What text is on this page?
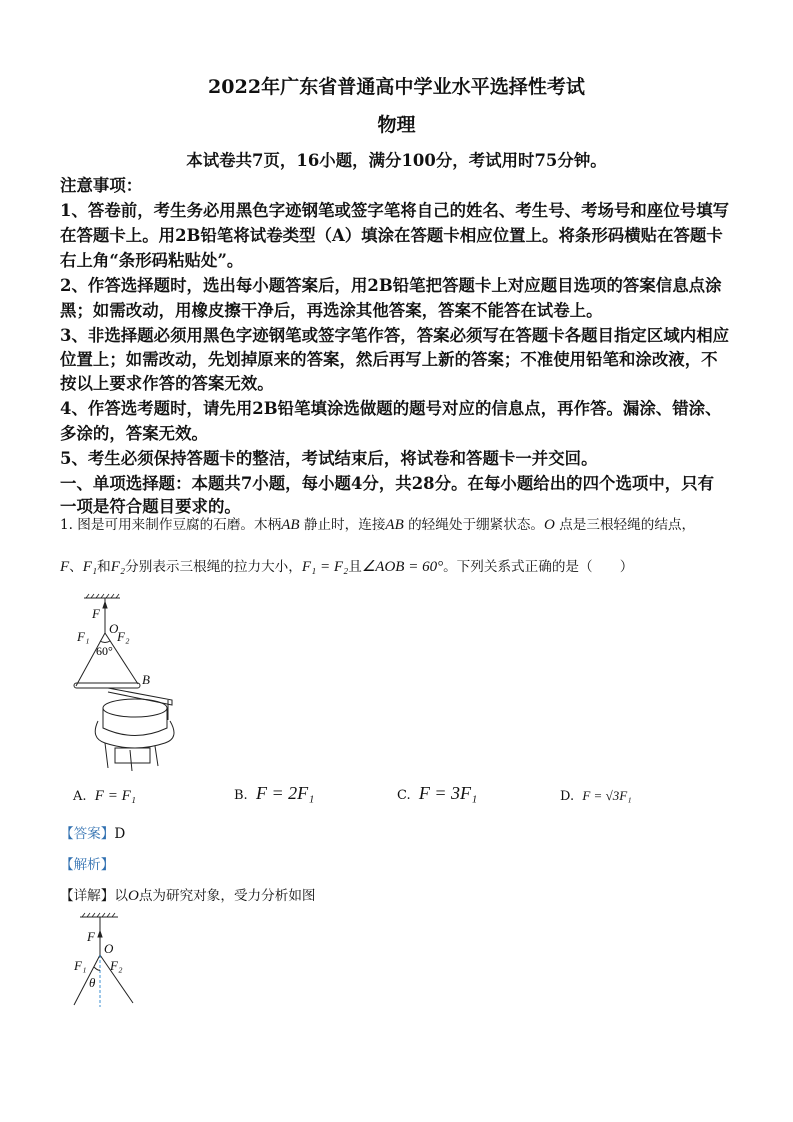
2022年广东省普通高中学业水平选择性考试
物理
本试卷共7页，16小题，满分100分，考试用时75分钟。
注意事项：
1、答卷前，考生务必用黑色字迹钢笔或签字笔将自己的姓名、考生号、考场号和座位号填写
在答题卡上。用2B铅笔将试卷类型（A）填涂在答题卡相应位置上。将条形码横贴在答题卡
右上角“条形码粘贴处”。
2、作答选择题时，选出每小题答案后，用2B铅笔把答题卡上对应题目选项的答案信息点涂
黑；如需改动，用橡皮擦干净后，再选涂其他答案，答案不能答在试卷上。
3、非选择题必须用黑色字迹钢笔或签字笔作答，答案必须写在答题卡各题目指定区域内相应
位置上；如需改动，先划掉原来的答案，然后再写上新的答案；不准使用铅笔和涂改液，不
按以上要求作答的答案无效。
4、作答选考题时，请先用2B铅笔填涂选做题的题号对应的信息点，再作答。漏涂、错涂、
多涂的，答案无效。
5、考生必须保持答题卡的整洁，考试结束后，将试卷和答题卡一并交回。
一、单项选择题：本题共7小题，每小题4分，共28分。在每小题给出的四个选项中，只有
一项是符合题目要求的。
1. 图是可用来制作豆腐的石磨。木柄AB 静止时，连接AB 的轻绳处于绷紧状态。O 点是三根轻绳的结点，
F、F₁和F₂分别表示三根绳的拉力大小，F₁ = F₂且∠AOB = 60°。下列关系式正确的是（　　）
F
O
F₁ F₂
B
60°
A. F = F₁	B. F = 2F₁	C. F = 3F₁	D. F = √3F₁
【答案】D
【解析】
【详解】以O点为研究对象，受力分析如图
F
O
F₁ F₂
θ
